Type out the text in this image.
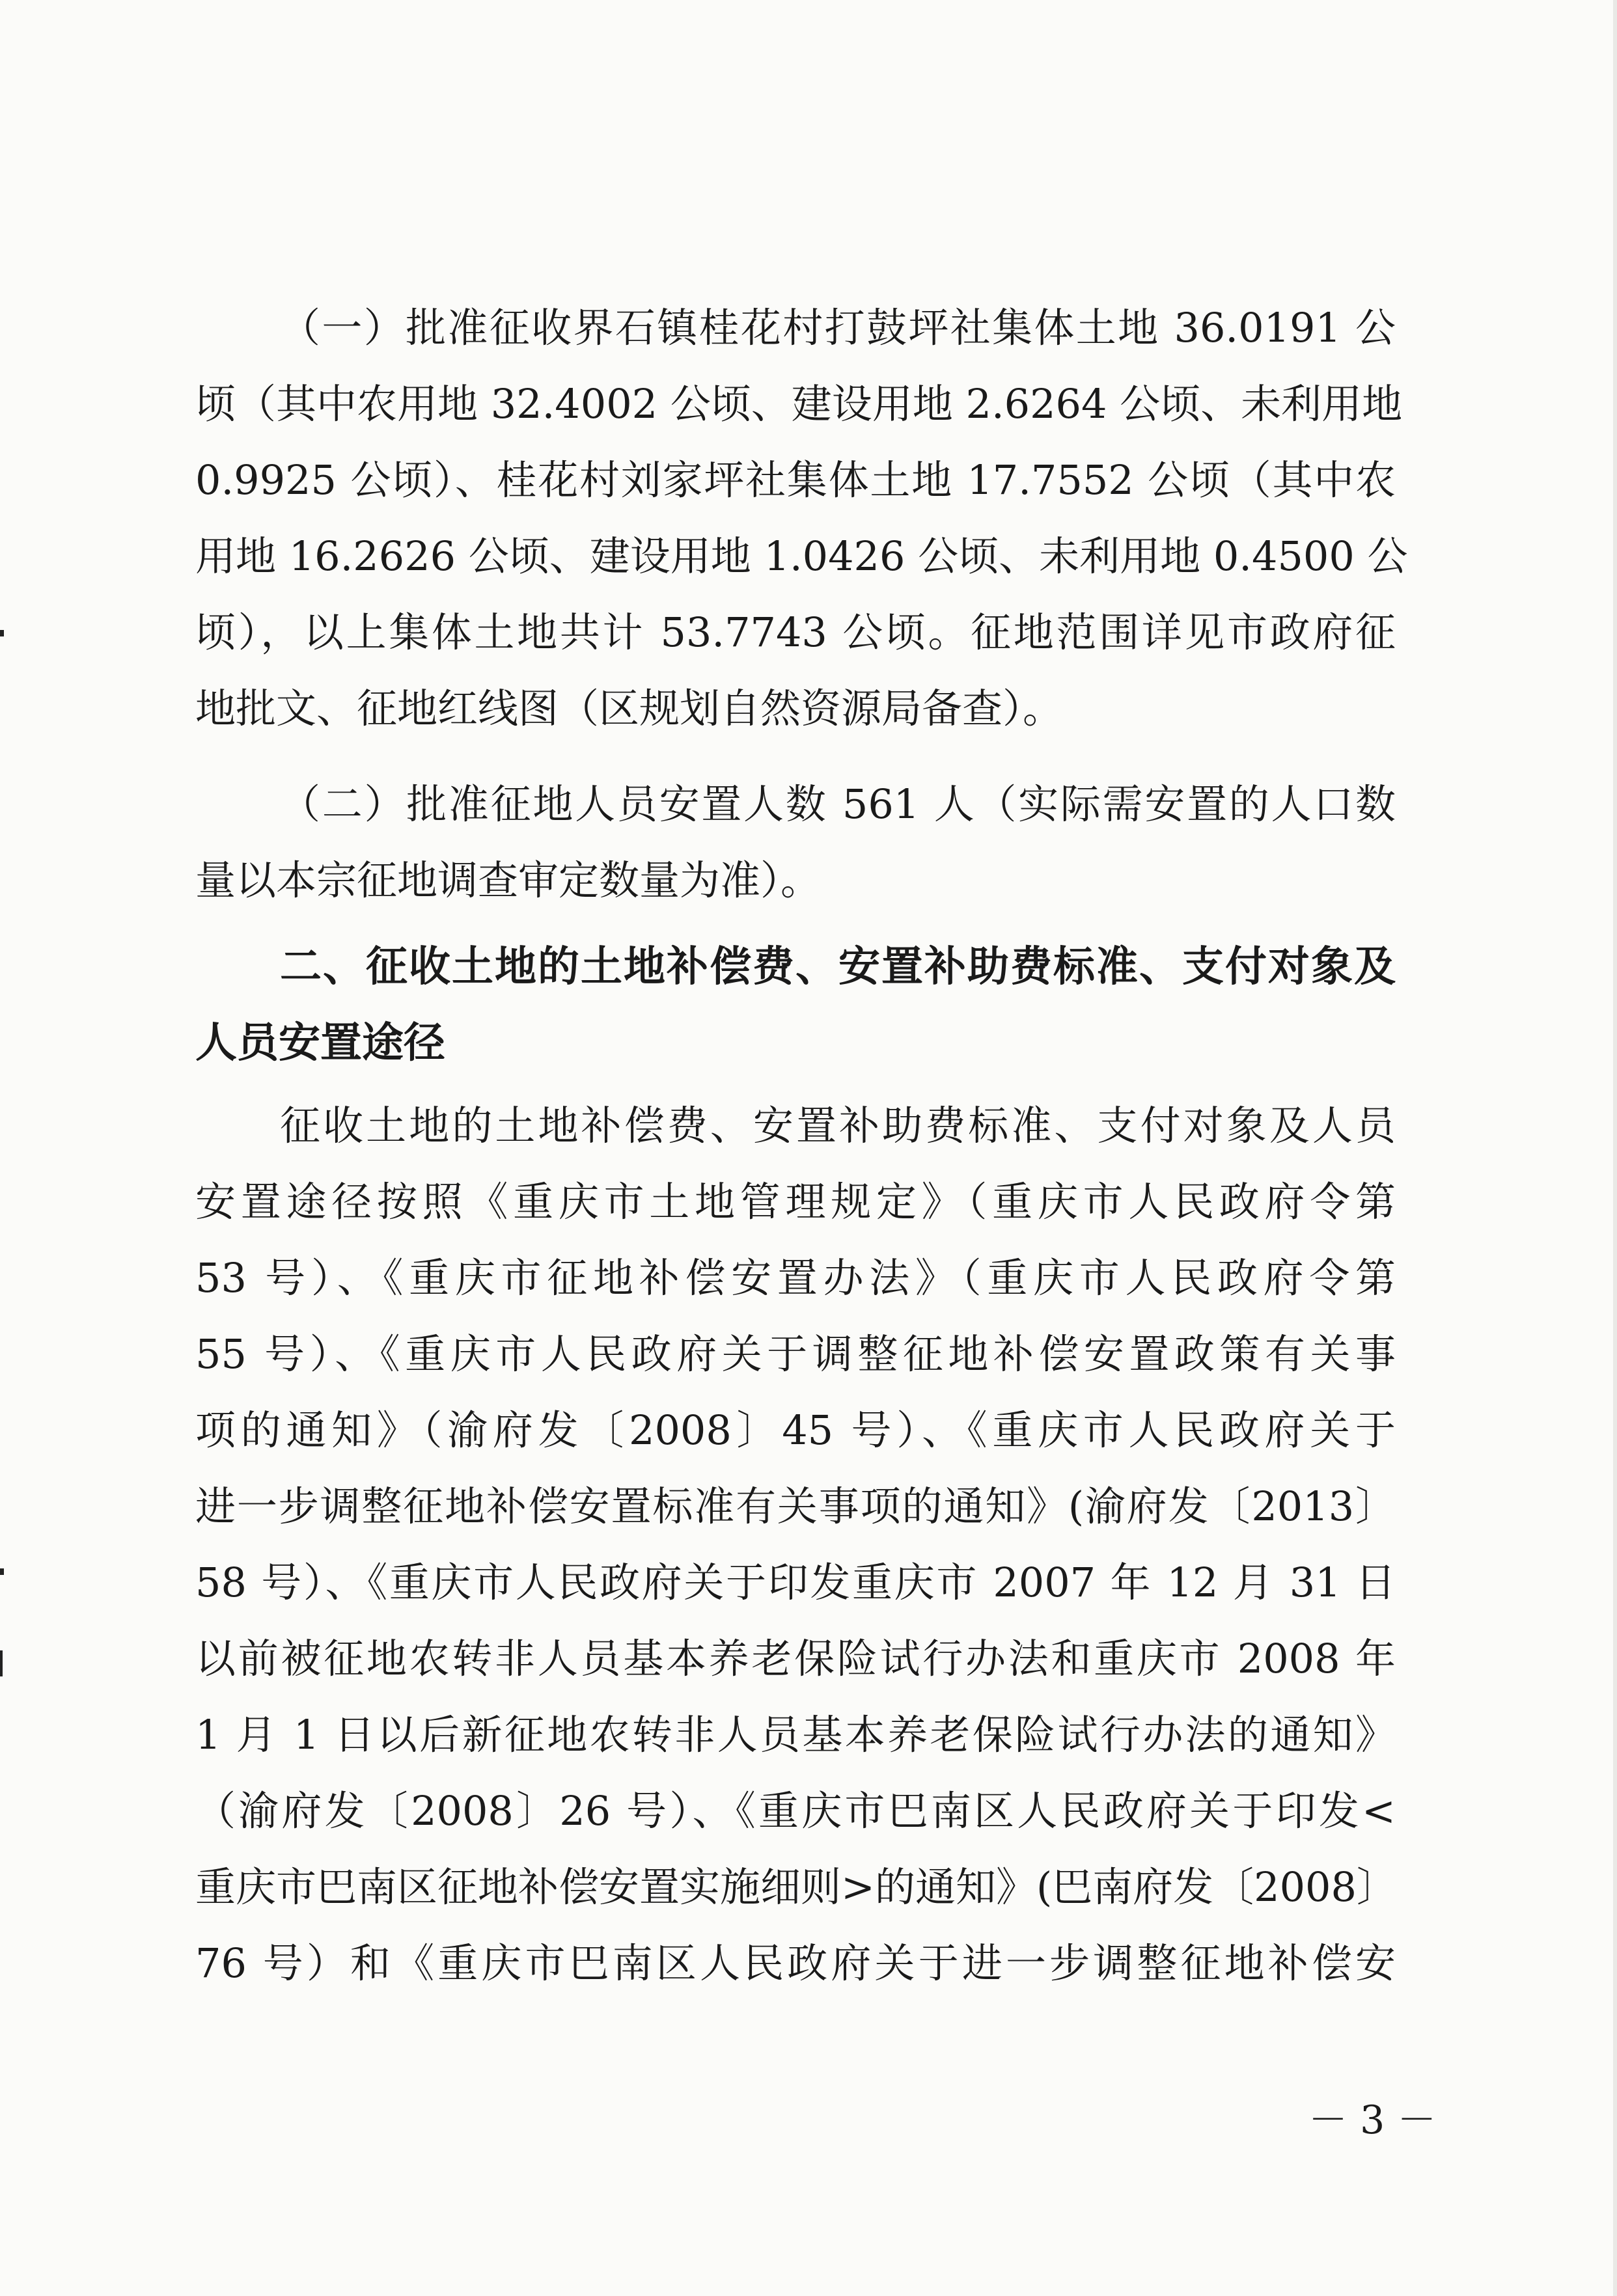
（一）批准征收界石镇桂花村打鼓坪社集体土地 36.0191 公
顷（其中农用地 32.4002 公顷、建设用地 2.6264 公顷、未利用地
0.9925 公顷）、桂花村刘家坪社集体土地 17.7552 公顷（其中农
用地 16.2626 公顷、建设用地 1.0426 公顷、未利用地 0.4500 公
顷），以上集体土地共计 53.7743 公顷。征地范围详见市政府征
地批文、征地红线图（区规划自然资源局备查）。
（二）批准征地人员安置人数 561 人（实际需安置的人口数
量以本宗征地调查审定数量为准）。
二、征收土地的土地补偿费、安置补助费标准、支付对象及
人员安置途径
征收土地的土地补偿费、安置补助费标准、支付对象及人员
安置途径按照《重庆市土地管理规定》（重庆市人民政府令第
53 号）、《重庆市征地补偿安置办法》（重庆市人民政府令第
55 号）、《重庆市人民政府关于调整征地补偿安置政策有关事
项的通知》（渝府发〔2008〕45 号）、《重庆市人民政府关于
进一步调整征地补偿安置标准有关事项的通知》(渝府发〔2013〕
58 号）、《重庆市人民政府关于印发重庆市 2007 年 12 月 31 日
以前被征地农转非人员基本养老保险试行办法和重庆市 2008 年
1 月 1 日以后新征地农转非人员基本养老保险试行办法的通知》
（渝府发〔2008〕26 号）、《重庆市巴南区人民政府关于印发<
重庆市巴南区征地补偿安置实施细则>的通知》(巴南府发〔2008〕
76 号）和《重庆市巴南区人民政府关于进一步调整征地补偿安
－ 3 －
